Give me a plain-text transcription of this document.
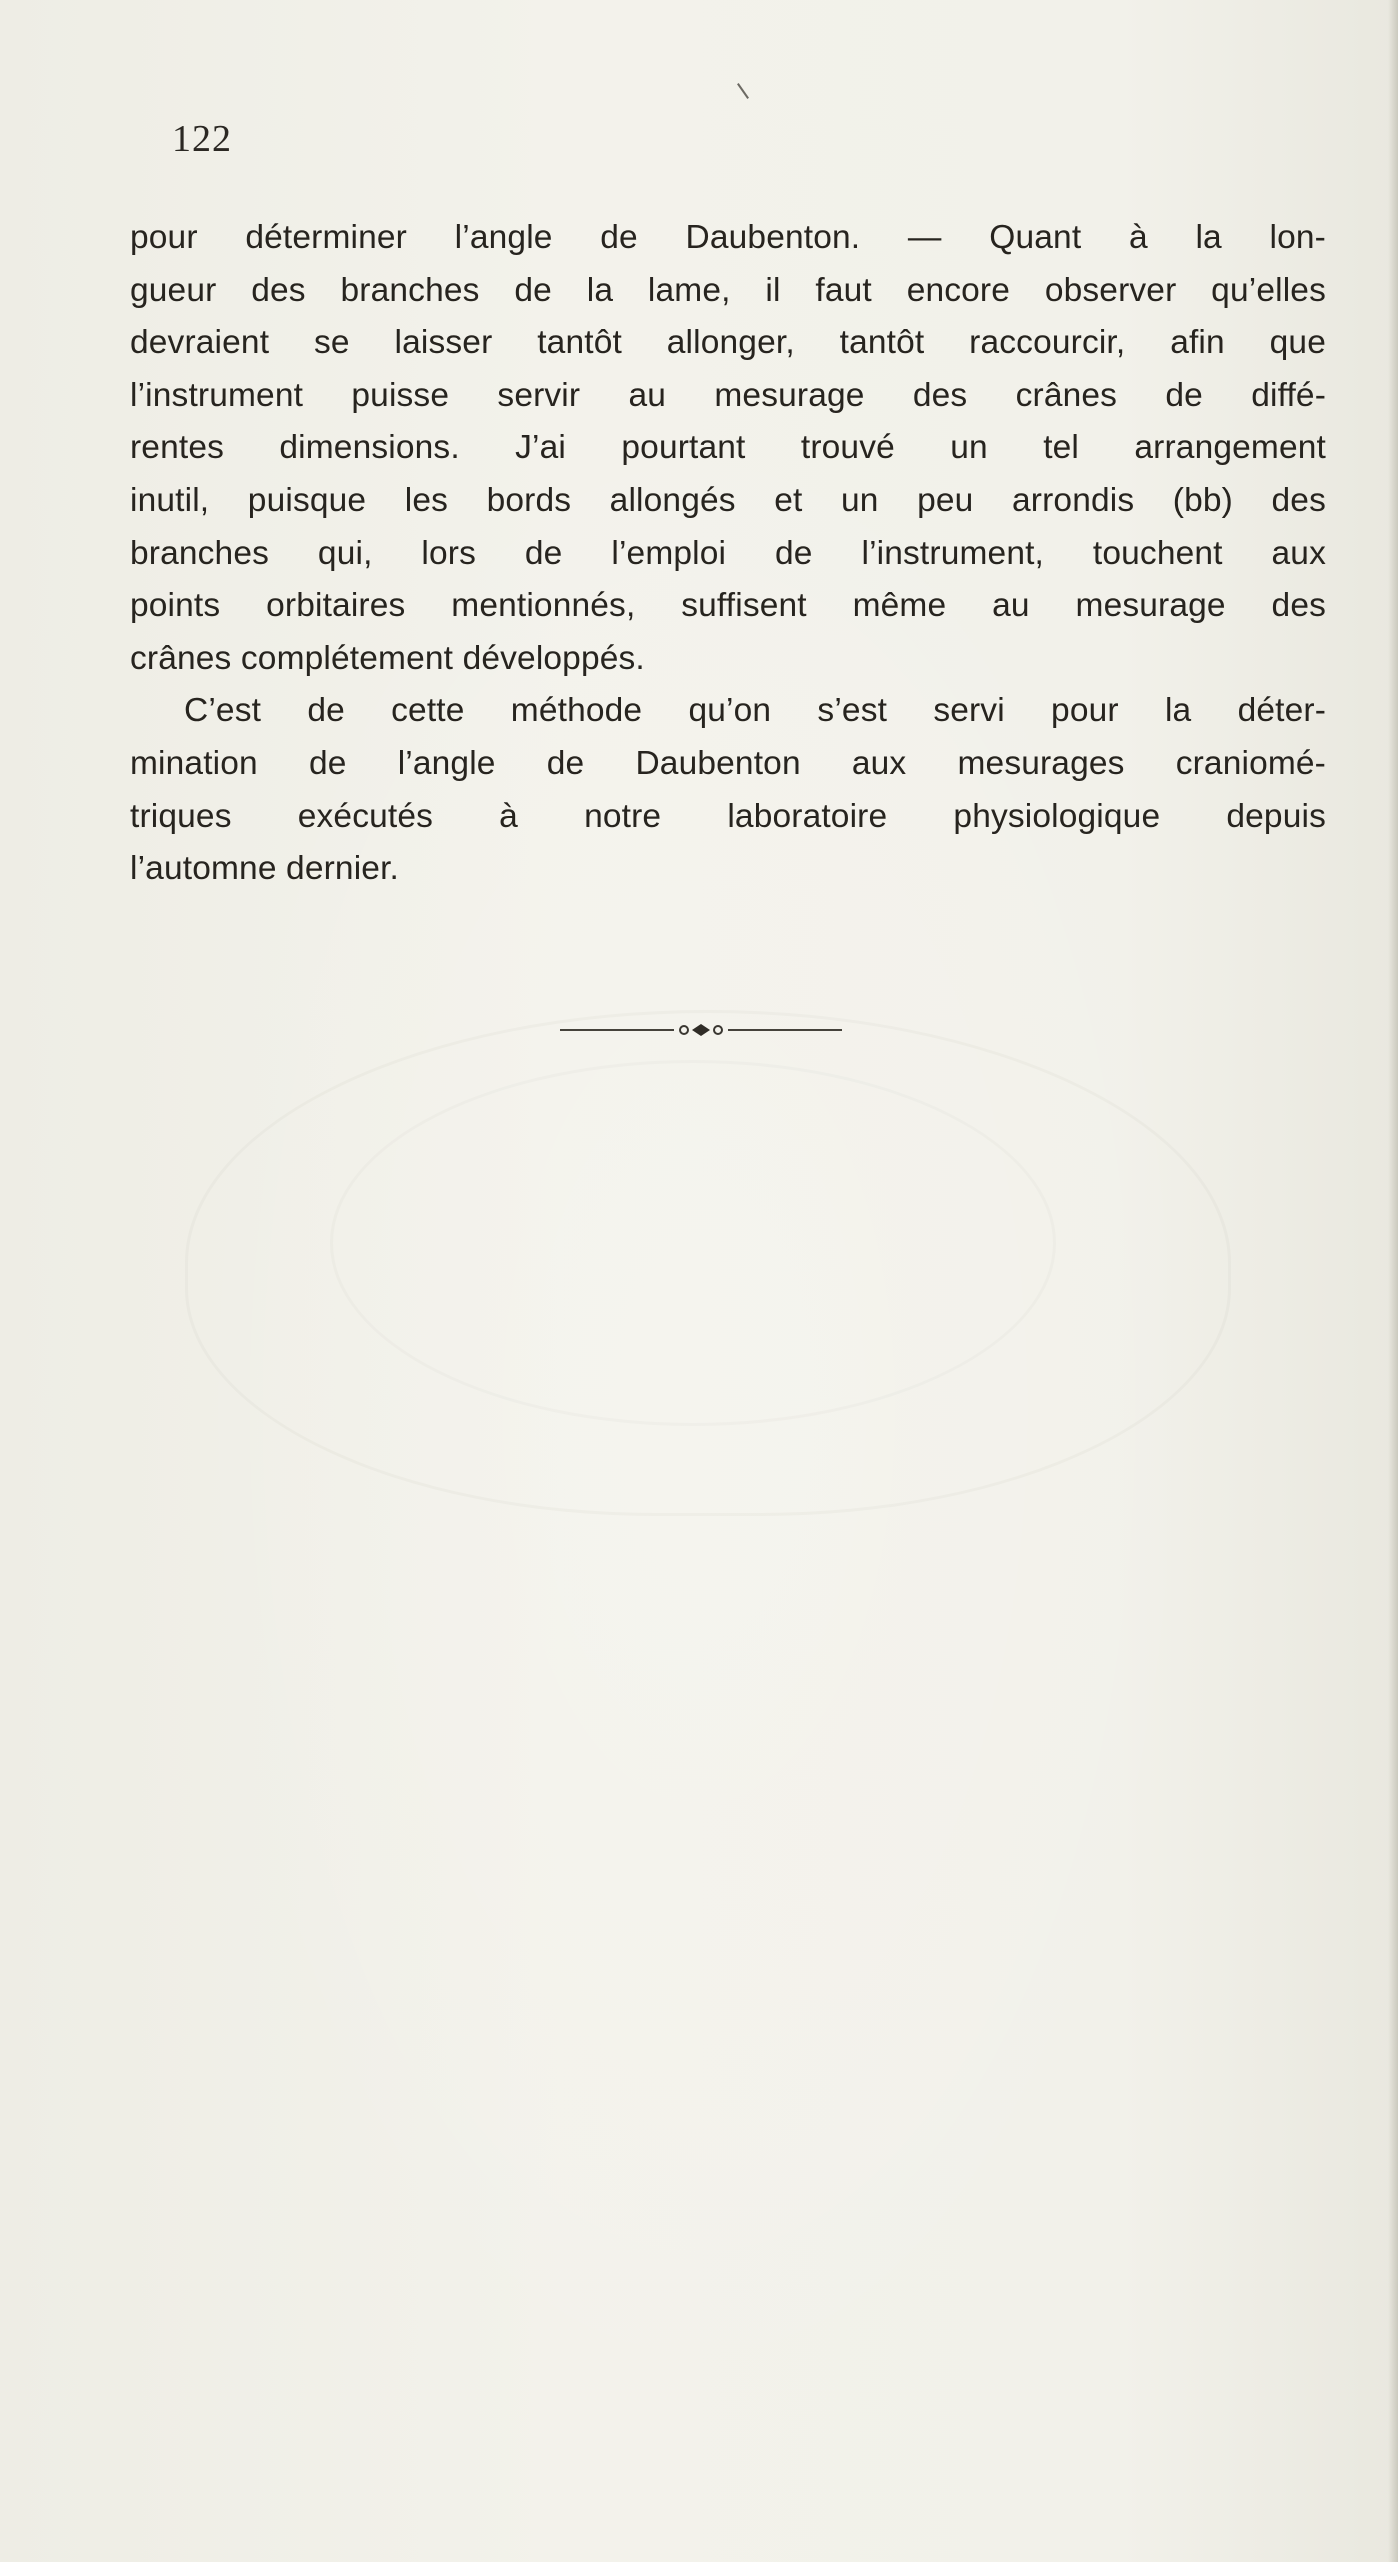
122
pour déterminer l’angle de Daubenton. — Quant à la lon-
gueur des branches de la lame, il faut encore observer qu’elles
devraient se laisser tantôt allonger, tantôt raccourcir, afin que
l’instrument puisse servir au mesurage des crânes de diffé-
rentes dimensions. J’ai pourtant trouvé un tel arrangement
inutil, puisque les bords allongés et un peu arrondis (bb) des
branches qui, lors de l’emploi de l’instrument, touchent aux
points orbitaires mentionnés, suffisent même au mesurage des
crânes complétement développés.
C’est de cette méthode qu’on s’est servi pour la déter-
mination de l’angle de Daubenton aux mesurages craniomé-
triques exécutés à notre laboratoire physiologique depuis
l’automne dernier.
